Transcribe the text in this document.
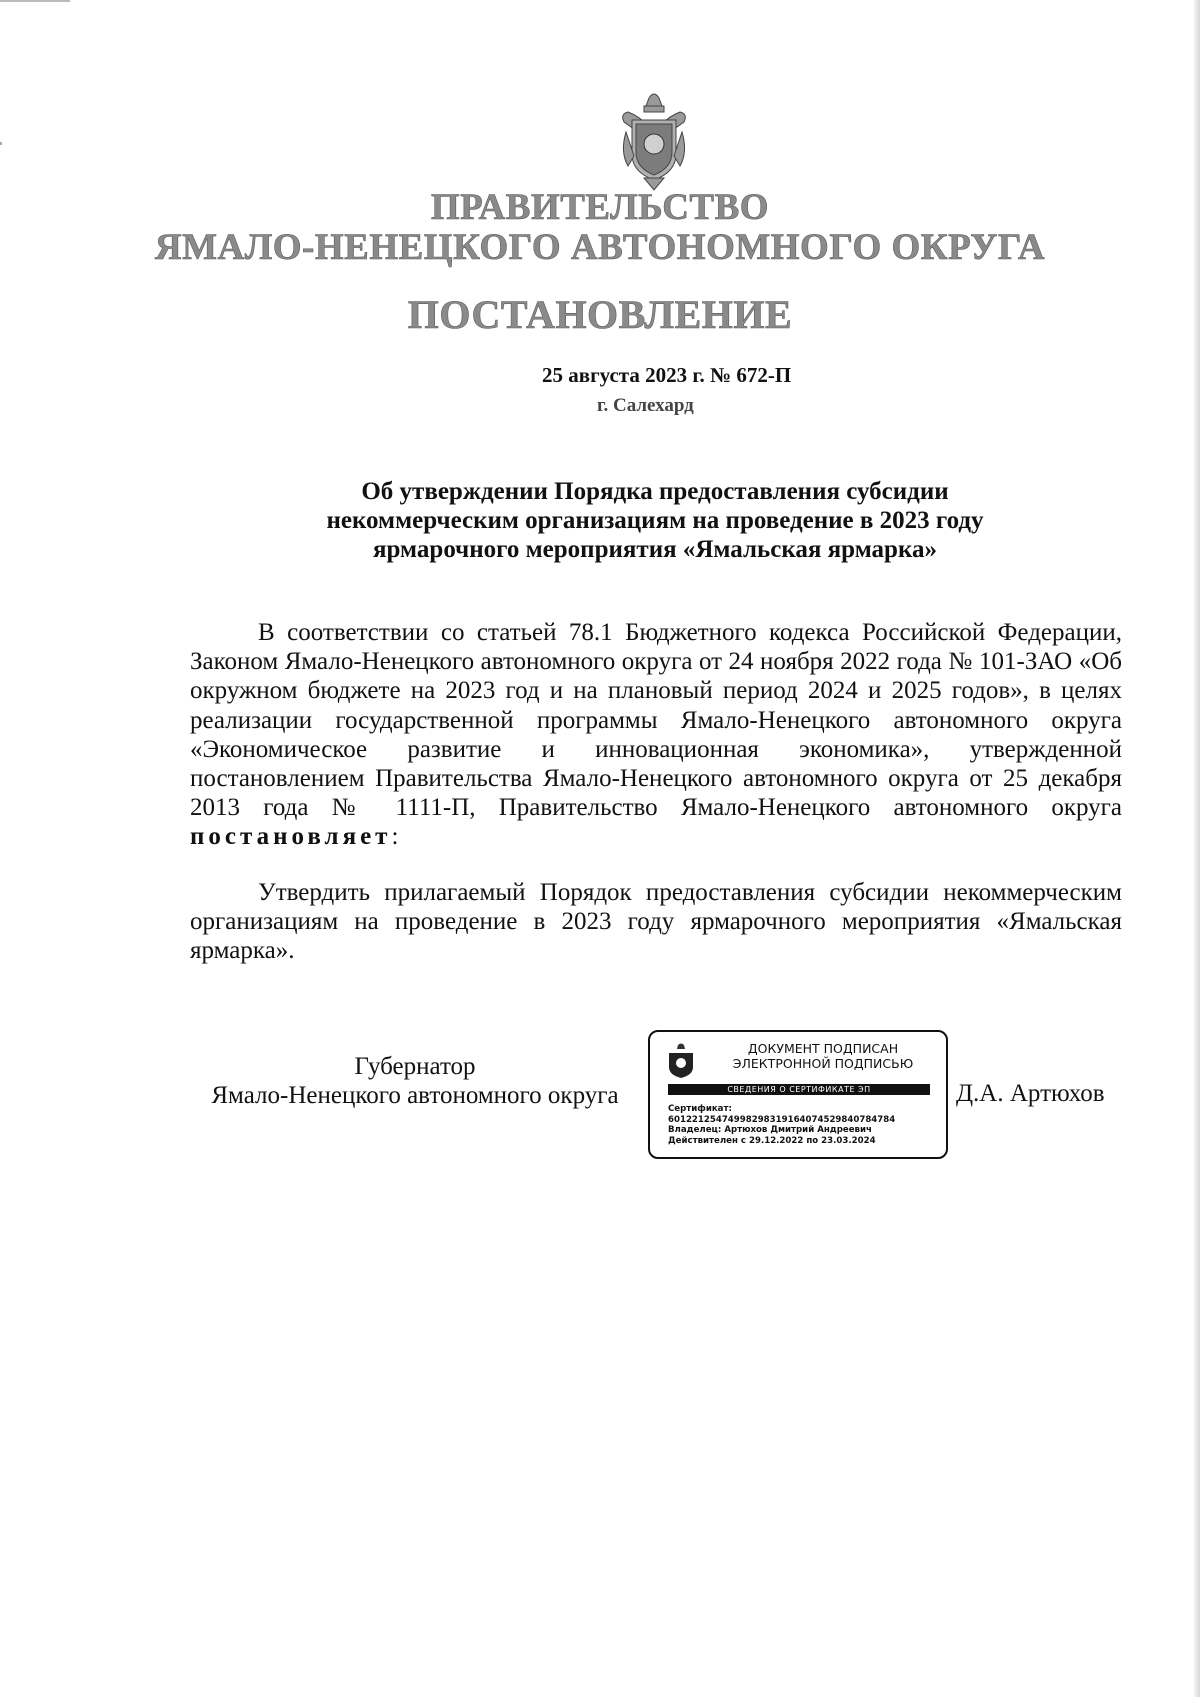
ПРАВИТЕЛЬСТВО
ЯМАЛО-НЕНЕЦКОГО АВТОНОМНОГО ОКРУГА
ПОСТАНОВЛЕНИЕ
25 августа 2023 г. № 672-П
г. Салехард
Об утверждении Порядка предоставления субсидии
некоммерческим организациям на проведение в 2023 году
ярмарочного мероприятия «Ямальская ярмарка»
В соответствии со статьей 78.1 Бюджетного кодекса Российской Федерации, Законом Ямало-Ненецкого автономного округа от 24 ноября 2022 года № 101-ЗАО «Об окружном бюджете на 2023 год и на плановый период 2024 и 2025 годов», в целях реализации государственной программы Ямало-Ненецкого автономного округа «Экономическое развитие и инновационная экономика», утвержденной постановлением Правительства Ямало-Ненецкого автономного округа от 25 декабря 2013 года № 1111-П, Правительство Ямало-Ненецкого автономного округа постановляет:
Утвердить прилагаемый Порядок предоставления субсидии некоммерческим организациям на проведение в 2023 году ярмарочного мероприятия «Ямальская ярмарка».
Губернатор
Ямало-Ненецкого автономного округа
ДОКУМЕНТ ПОДПИСАН
ЭЛЕКТРОННОЙ ПОДПИСЬЮ
СВЕДЕНИЯ О СЕРТИФИКАТЕ ЭП
Сертификат:
60122125474998298319164074529840784784
Владелец: Артюхов Дмитрий Андреевич
Действителен с 29.12.2022 по 23.03.2024
Д.А. Артюхов
